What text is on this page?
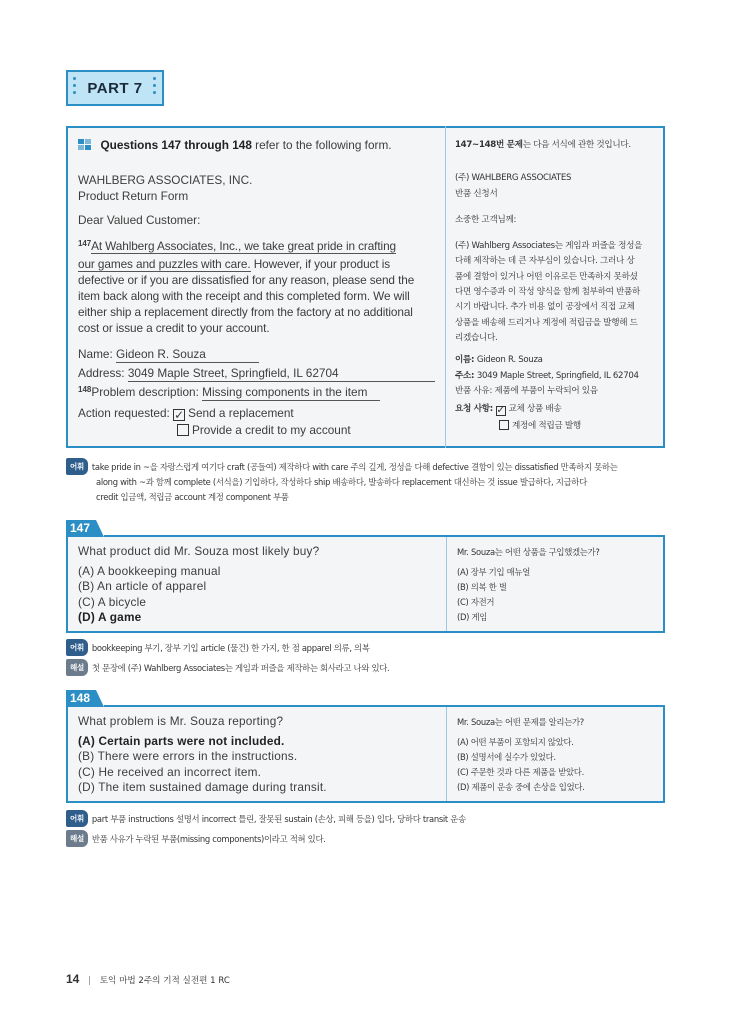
PART 7
Questions 147 through 148 refer to the following form.
WAHLBERG ASSOCIATES, INC.
Product Return Form
Dear Valued Customer:
$^{147}$At Wahlberg Associates, Inc., we take great pride in crafting
our games and puzzles with care. However, if your product is
defective or if you are dissatisfied for any reason, please send the
item back along with the receipt and this completed form. We will
either ship a replacement directly from the factory at no additional
cost or issue a credit to your account.
Name: Gideon R. Souza
Address: 3049 Maple Street, Springfield, IL 62704
$^{148}$Problem description: Missing components in the item
Action requested: ✓ Send a replacement
Provide a credit to my account
147~148번 문제는 다음 서식에 관한 것입니다.
(주) WAHLBERG ASSOCIATES
반품 신청서
소중한 고객님께:
(주) Wahlberg Associates는 게임과 퍼즐을 정성을
다해 제작하는 데 큰 자부심이 있습니다. 그러나 상
품에 결함이 있거나 어떤 이유로든 만족하지 못하셨
다면 영수증과 이 작성 양식을 함께 첨부하여 반품하
시기 바랍니다. 추가 비용 없이 공장에서 직접 교체
상품을 배송해 드리거나 계정에 적립금을 발행해 드
리겠습니다.
이름: Gideon R. Souza
주소: 3049 Maple Street, Springfield, IL 62704
반품 사유: 제품에 부품이 누락되어 있음
요청 사항: ✓ 교체 상품 배송
계정에 적립금 발행
어휘 take pride in ~을 자랑스럽게 여기다 craft (공들여) 제작하다 with care 주의 깊게, 정성을 다해 defective 결함이 있는 dissatisfied 만족하지 못하는
along with ~과 함께 complete (서식을) 기입하다, 작성하다 ship 배송하다, 발송하다 replacement 대신하는 것 issue 발급하다, 지급하다
credit 입금액, 적립금 account 계정 component 부품
147
What product did Mr. Souza most likely buy?
(A) A bookkeeping manual
(B) An article of apparel
(C) A bicycle
(D) A game
Mr. Souza는 어떤 상품을 구입했겠는가?
(A) 장부 기입 매뉴얼
(B) 의복 한 벌
(C) 자전거
(D) 게임
어휘 bookkeeping 부기, 장부 기입 article (물건) 한 가지, 한 점 apparel 의류, 의복
해설 첫 문장에 (주) Wahlberg Associates는 게임과 퍼즐을 제작하는 회사라고 나와 있다.
148
What problem is Mr. Souza reporting?
(A) Certain parts were not included.
(B) There were errors in the instructions.
(C) He received an incorrect item.
(D) The item sustained damage during transit.
Mr. Souza는 어떤 문제를 알리는가?
(A) 어떤 부품이 포함되지 않았다.
(B) 설명서에 실수가 있었다.
(C) 주문한 것과 다른 제품을 받았다.
(D) 제품이 운송 중에 손상을 입었다.
어휘 part 부품 instructions 설명서 incorrect 틀린, 잘못된 sustain (손상, 피해 등을) 입다, 당하다 transit 운송
해설 반품 사유가 누락된 부품(missing components)이라고 적혀 있다.
14 | 토익 마법 2주의 기적 실전편 1 RC
